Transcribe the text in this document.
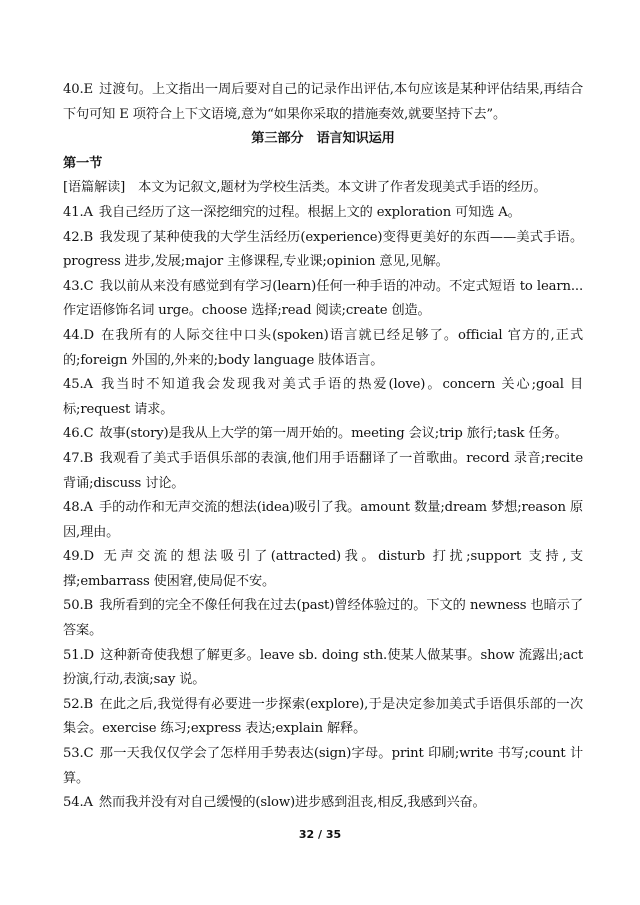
40.E 过渡句。上文指出一周后要对自己的记录作出评估,本句应该是某种评估结果,再结合下句可知 E 项符合上下文语境,意为“如果你采取的措施奏效,就要坚持下去”。

第三部分　语言知识运用

第一节

[语篇解读]　本文为记叙文,题材为学校生活类。本文讲了作者发现美式手语的经历。

41.A 我自己经历了这一深挖细究的过程。根据上文的 exploration 可知选 A。

42.B 我发现了某种使我的大学生活经历(experience)变得更美好的东西——美式手语。progress 进步,发展;major 主修课程,专业课;opinion 意见,见解。

43.C 我以前从来没有感觉到有学习(learn)任何一种手语的冲动。不定式短语 to learn...作定语修饰名词 urge。choose 选择;read 阅读;create 创造。

44.D 在我所有的人际交往中口头(spoken)语言就已经足够了。official 官方的,正式的;foreign 外国的,外来的;body language 肢体语言。

45.A 我当时不知道我会发现我对美式手语的热爱(love)。concern 关心;goal 目标;request 请求。

46.C 故事(story)是我从上大学的第一周开始的。meeting 会议;trip 旅行;task 任务。

47.B 我观看了美式手语俱乐部的表演,他们用手语翻译了一首歌曲。record 录音;recite 背诵;discuss 讨论。

48.A 手的动作和无声交流的想法(idea)吸引了我。amount 数量;dream 梦想;reason 原因,理由。

49.D 无声交流的想法吸引了(attracted)我。disturb 打扰;support 支持,支撑;embarrass 使困窘,使局促不安。

50.B 我所看到的完全不像任何我在过去(past)曾经体验过的。下文的 newness 也暗示了答案。

51.D 这种新奇使我想了解更多。leave sb. doing sth.使某人做某事。show 流露出;act 扮演,行动,表演;say 说。

52.B 在此之后,我觉得有必要进一步探索(explore),于是决定参加美式手语俱乐部的一次集会。exercise 练习;express 表达;explain 解释。

53.C 那一天我仅仅学会了怎样用手势表达(sign)字母。print 印刷;write 书写;count 计算。

54.A 然而我并没有对自己缓慢的(slow)进步感到沮丧,相反,我感到兴奋。

32 / 35
